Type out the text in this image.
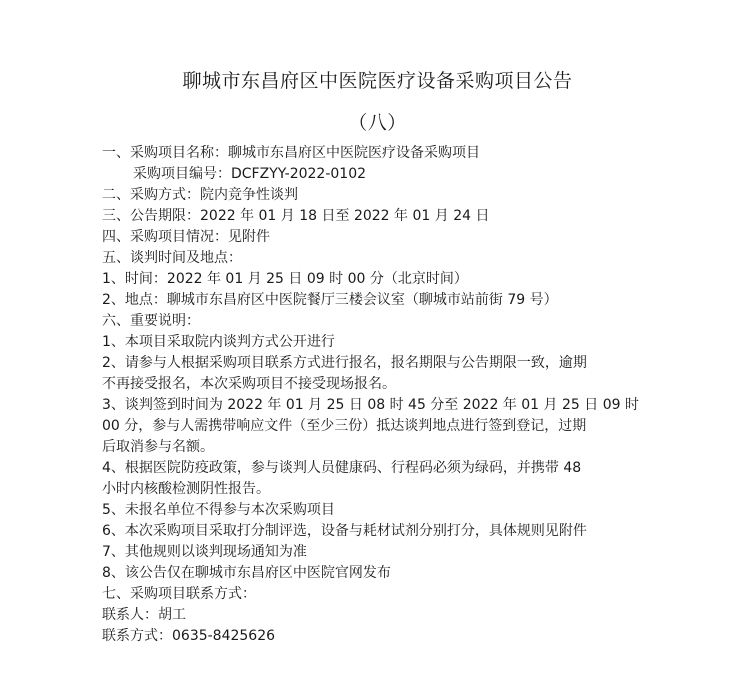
聊城市东昌府区中医院医疗设备采购项目公告
（八）
一、采购项目名称：聊城市东昌府区中医院医疗设备采购项目
采购项目编号：DCFZYY-2022-0102
二、采购方式：院内竞争性谈判
三、公告期限：2022 年 01 月 18 日至 2022 年 01 月 24 日
四、采购项目情况：见附件
五、谈判时间及地点：
1、时间：2022 年 01 月 25 日 09 时 00 分（北京时间）
2、地点：聊城市东昌府区中医院餐厅三楼会议室（聊城市站前街 79 号）
六、重要说明：
1、本项目采取院内谈判方式公开进行
2、请参与人根据采购项目联系方式进行报名，报名期限与公告期限一致，逾期
不再接受报名，本次采购项目不接受现场报名。
3、谈判签到时间为 2022 年 01 月 25 日 08 时 45 分至 2022 年 01 月 25 日 09 时
00 分，参与人需携带响应文件（至少三份）抵达谈判地点进行签到登记，过期
后取消参与名额。
4、根据医院防疫政策，参与谈判人员健康码、行程码必须为绿码，并携带 48
小时内核酸检测阴性报告。
5、未报名单位不得参与本次采购项目
6、本次采购项目采取打分制评选，设备与耗材试剂分别打分，具体规则见附件
7、其他规则以谈判现场通知为准
8、该公告仅在聊城市东昌府区中医院官网发布
七、采购项目联系方式：
联系人：胡工
联系方式：0635-8425626
